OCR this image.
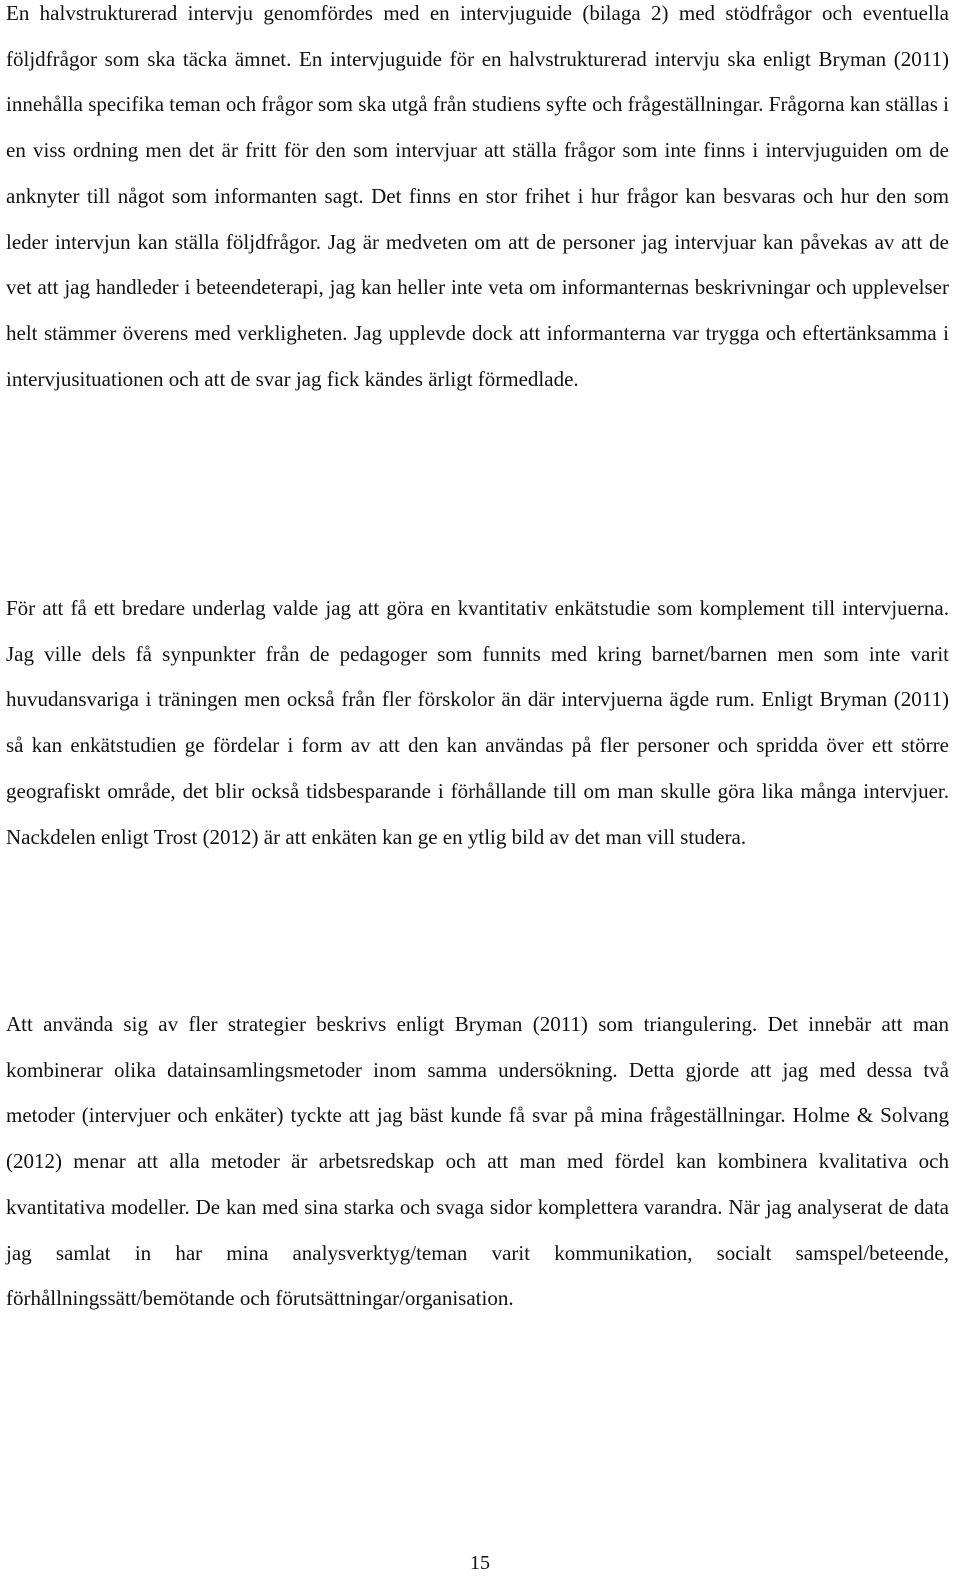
En halvstrukturerad intervju genomfördes med en intervjuguide (bilaga 2) med stödfrågor och eventuella följdfrågor som ska täcka ämnet. En intervjuguide för en halvstrukturerad intervju ska enligt Bryman (2011) innehålla specifika teman och frågor som ska utgå från studiens syfte och frågeställningar. Frågorna kan ställas i en viss ordning men det är fritt för den som intervjuar att ställa frågor som inte finns i intervjuguiden om de anknyter till något som informanten sagt. Det finns en stor frihet i hur frågor kan besvaras och hur den som leder intervjun kan ställa följdfrågor. Jag är medveten om att de personer jag intervjuar kan påvekas av att de vet att jag handleder i beteendeterapi, jag kan heller inte veta om informanternas beskrivningar och upplevelser helt stämmer överens med verkligheten. Jag upplevde dock att informanterna var trygga och eftertänksamma i intervjusituationen och att de svar jag fick kändes ärligt förmedlade.

För att få ett bredare underlag valde jag att göra en kvantitativ enkätstudie som komplement till intervjuerna. Jag ville dels få synpunkter från de pedagoger som funnits med kring barnet/barnen men som inte varit huvudansvariga i träningen men också från fler förskolor än där intervjuerna ägde rum. Enligt Bryman (2011) så kan enkätstudien ge fördelar i form av att den kan användas på fler personer och spridda över ett större geografiskt område, det blir också tidsbesparande i förhållande till om man skulle göra lika många intervjuer. Nackdelen enligt Trost (2012) är att enkäten kan ge en ytlig bild av det man vill studera.

Att använda sig av fler strategier beskrivs enligt Bryman (2011) som triangulering. Det innebär att man kombinerar olika datainsamlingsmetoder inom samma undersökning. Detta gjorde att jag med dessa två metoder (intervjuer och enkäter) tyckte att jag bäst kunde få svar på mina frågeställningar. Holme & Solvang (2012) menar att alla metoder är arbetsredskap och att man med fördel kan kombinera kvalitativa och kvantitativa modeller. De kan med sina starka och svaga sidor komplettera varandra. När jag analyserat de data jag samlat in har mina analysverktyg/teman varit kommunikation, socialt samspel/beteende, förhållningssätt/bemötande och förutsättningar/organisation.

15
